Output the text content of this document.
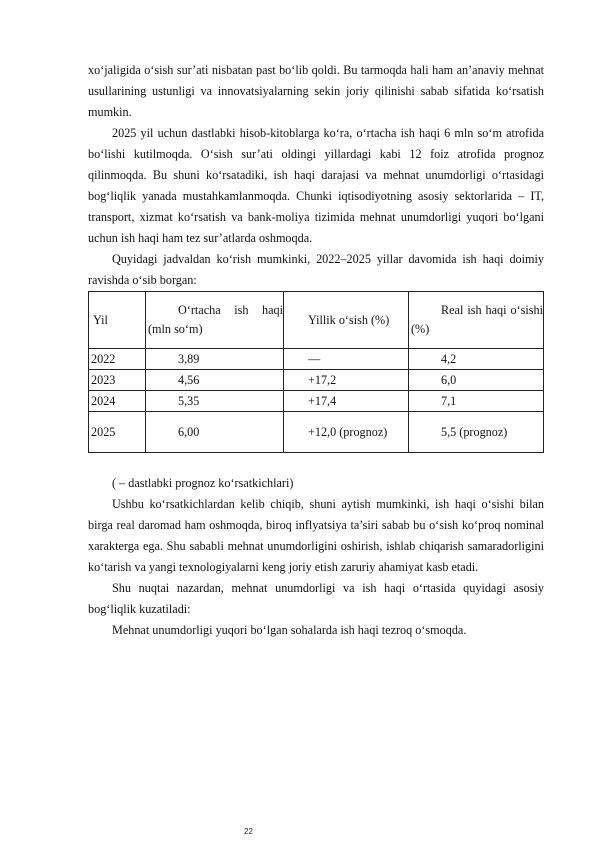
xo‘jaligida o‘sish sur’ati nisbatan past bo‘lib qoldi. Bu tarmoqda hali ham an’anaviy mehnat usullarining ustunligi va innovatsiyalarning sekin joriy qilinishi sabab sifatida ko‘rsatish mumkin.

2025 yil uchun dastlabki hisob-kitoblarga ko‘ra, o‘rtacha ish haqi 6 mln so‘m atrofida bo‘lishi kutilmoqda. O‘sish sur’ati oldingi yillardagi kabi 12 foiz atrofida prognoz qilinmoqda. Bu shuni ko‘rsatadiki, ish haqi darajasi va mehnat unumdorligi o‘rtasidagi bog‘liqlik yanada mustahkamlanmoqda. Chunki iqtisodiyotning asosiy sektorlarida – IT, transport, xizmat ko‘rsatish va bank-moliya tizimida mehnat unumdorligi yuqori bo‘lgani uchun ish haqi ham tez sur’atlarda oshmoqda.

Quyidagi jadvaldan ko‘rish mumkinki, 2022–2025 yillar davomida ish haqi doimiy ravishda o‘sib borgan:

Yil	O‘rtacha ish haqi (mln so‘m)	Yillik o‘sish (%)	Real ish haqi o‘sishi (%)

2022	3,89	—	4,2

2023	4,56	+17,2	6,0

2024	5,35	+17,4	7,1

2025	6,00	+12,0 (prognoz)	5,5 (prognoz)

( – dastlabki prognoz ko‘rsatkichlari)

Ushbu ko‘rsatkichlardan kelib chiqib, shuni aytish mumkinki, ish haqi o‘sishi bilan birga real daromad ham oshmoqda, biroq inflyatsiya ta’siri sabab bu o‘sish ko‘proq nominal xarakterga ega. Shu sababli mehnat unumdorligini oshirish, ishlab chiqarish samaradorligini ko‘tarish va yangi texnologiyalarni keng joriy etish zaruriy ahamiyat kasb etadi.

Shu nuqtai nazardan, mehnat unumdorligi va ish haqi o‘rtasida quyidagi asosiy bog‘liqlik kuzatiladi:

Mehnat unumdorligi yuqori bo‘lgan sohalarda ish haqi tezroq o‘smoqda.

22
